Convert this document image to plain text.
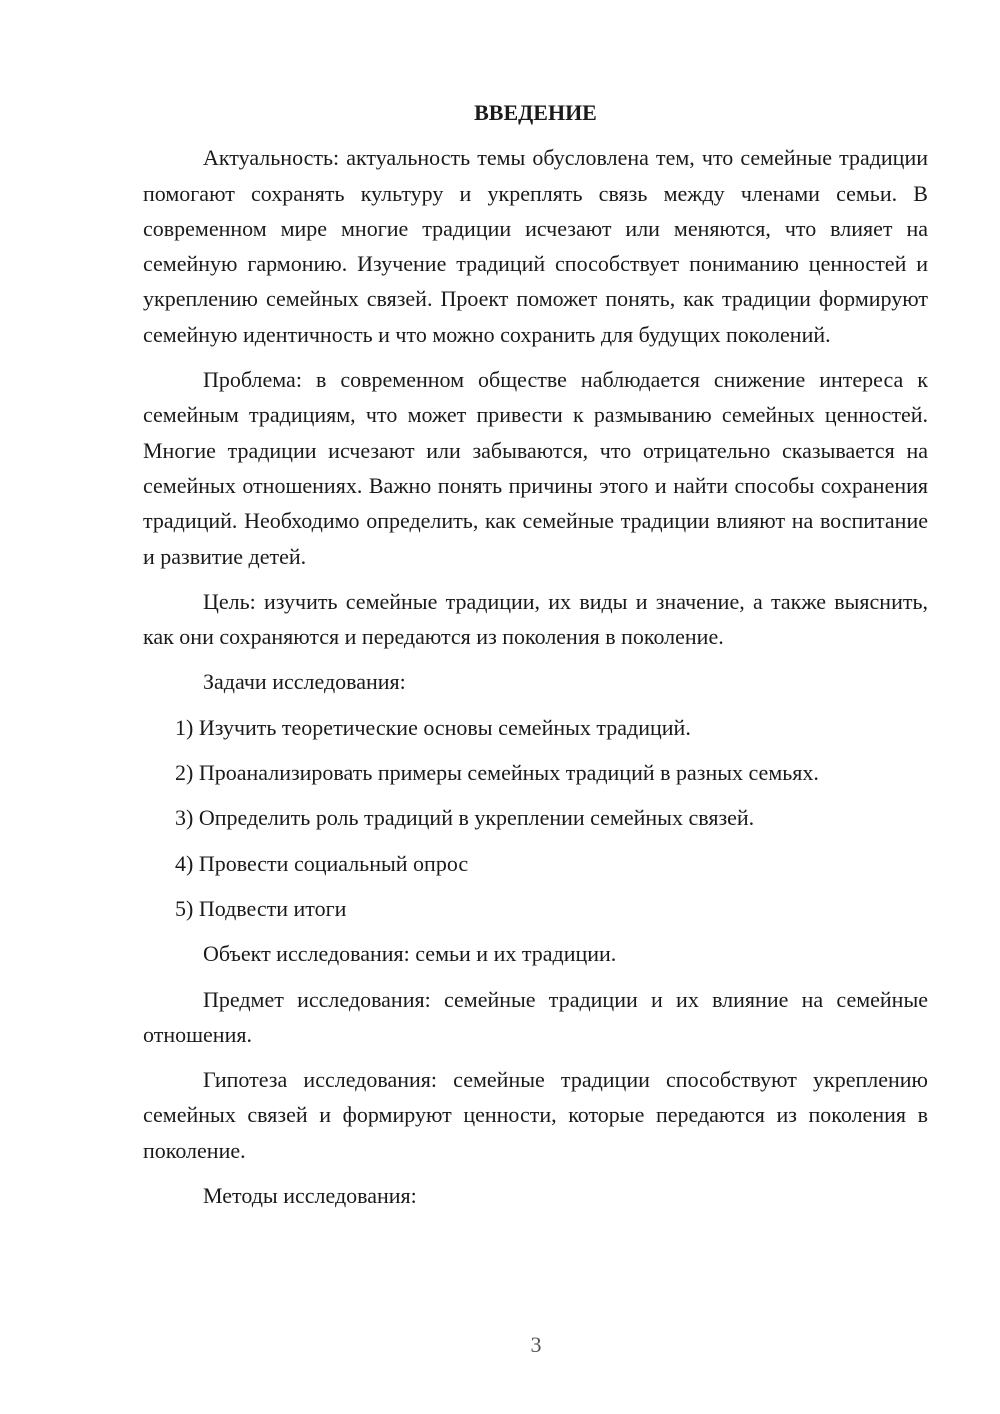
ВВЕДЕНИЕ

Актуальность: актуальность темы обусловлена тем, что семейные традиции помогают сохранять культуру и укреплять связь между членами семьи. В современном мире многие традиции исчезают или меняются, что влияет на семейную гармонию. Изучение традиций способствует пониманию ценностей и укреплению семейных связей. Проект поможет понять, как традиции формируют семейную идентичность и что можно сохранить для будущих поколений.

Проблема: в современном обществе наблюдается снижение интереса к семейным традициям, что может привести к размыванию семейных ценностей. Многие традиции исчезают или забываются, что отрицательно сказывается на семейных отношениях. Важно понять причины этого и найти способы сохранения традиций. Необходимо определить, как семейные традиции влияют на воспитание и развитие детей.

Цель: изучить семейные традиции, их виды и значение, а также выяснить, как они сохраняются и передаются из поколения в поколение.

Задачи исследования:

1) Изучить теоретические основы семейных традиций.

2) Проанализировать примеры семейных традиций в разных семьях.

3) Определить роль традиций в укреплении семейных связей.

4) Провести социальный опрос

5) Подвести итоги

Объект исследования: семьи и их традиции.

Предмет исследования: семейные традиции и их влияние на семейные отношения.

Гипотеза исследования: семейные традиции способствуют укреплению семейных связей и формируют ценности, которые передаются из поколения в поколение.

Методы исследования:

3
